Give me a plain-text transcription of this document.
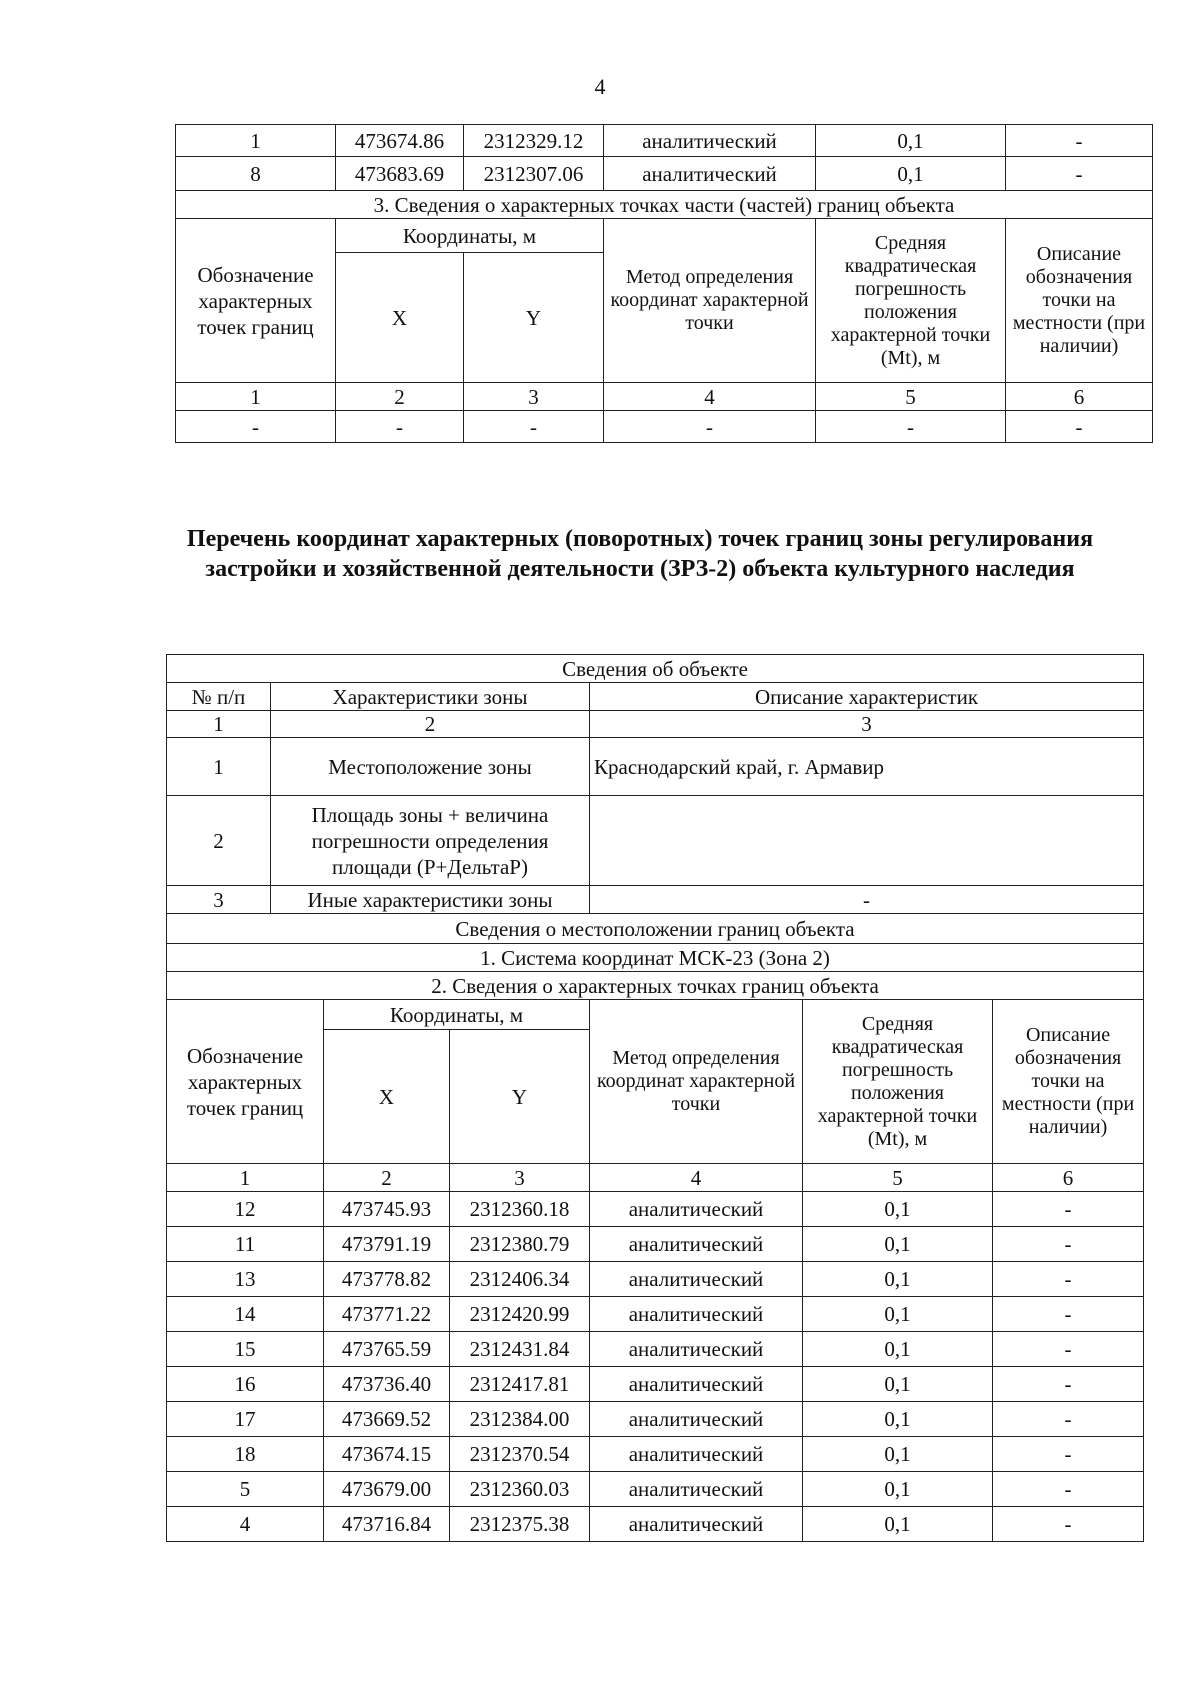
4
1	473674.86	2312329.12	аналитический	0,1	-
8	473683.69	2312307.06	аналитический	0,1	-
3. Сведения о характерных точках части (частей) границ объекта					
Обозначение характерных точек границ	Координаты, м		Метод определения координат характерной точки	Средняя квадратическая погрешность положения характерной точки (Mt), м	Описание обозначения точки на местности (при наличии)
	X	Y			
1	2	3	4	5	6
-	-	-	-	-	-
Перечень координат характерных (поворотных) точек границ зоны регулирования застройки и хозяйственной деятельности (ЗРЗ-2) объекта культурного наследия
Сведения об объекте						
№ п/п	Характеристики зоны			Описание характеристик		
1	2			3		
1	Местоположение зоны			Краснодарский край, г. Армавир		
2	Площадь зоны + величина погрешности определения площади (P+ДельтаP)					
3	Иные характеристики зоны			-		
Сведения о местоположении границ объекта						
1. Система координат МСК-23 (Зона 2)						
2. Сведения о характерных точках границ объекта						
Обозначение характерных точек границ		Координаты, м		Метод определения координат характерной точки	Средняя квадратическая погрешность положения характерной точки (Mt), м	Описание обозначения точки на местности (при наличии)
		X	Y			
1		2	3	4	5	6
12		473745.93	2312360.18	аналитический	0,1	-
11		473791.19	2312380.79	аналитический	0,1	-
13		473778.82	2312406.34	аналитический	0,1	-
14		473771.22	2312420.99	аналитический	0,1	-
15		473765.59	2312431.84	аналитический	0,1	-
16		473736.40	2312417.81	аналитический	0,1	-
17		473669.52	2312384.00	аналитический	0,1	-
18		473674.15	2312370.54	аналитический	0,1	-
5		473679.00	2312360.03	аналитический	0,1	-
4		473716.84	2312375.38	аналитический	0,1	-
